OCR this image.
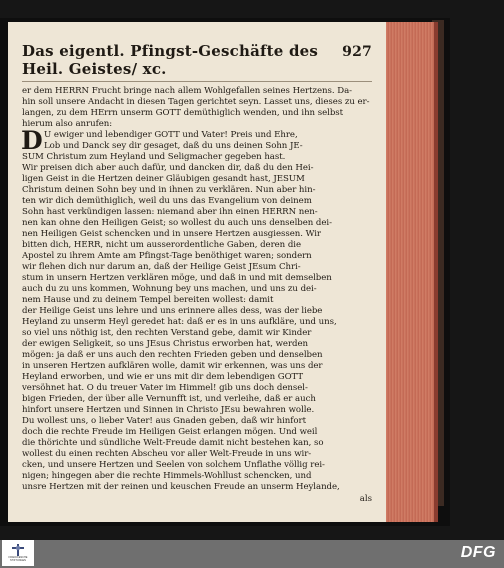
Das eigentl. Pfingst-Geschäfte des Heil. Geistes/ xc.
927
er dem HERRN Frucht bringe nach allem Wohlgefallen seines Hertzens. Da-
hin soll unsere Andacht in diesen Tagen gerichtet seyn. Lasset uns, dieses zu er-
langen, zu dem HErrn unserm GOTT demüthiglich wenden, und ihn selbst
hierum also anrufen:
D U ewiger und lebendiger GOTT und Vater! Preis und Ehre,
Lob und Danck sey dir gesaget, daß du uns deinen Sohn JE-
SUM Christum zum Heyland und Seligmacher gegeben hast.
Wir preisen dich aber auch dafür, und dancken dir, daß du den Hei-
ligen Geist in die Hertzen deiner Gläubigen gesandt hast, JESUM
Christum deinen Sohn bey und in ihnen zu verklären. Nun aber hin-
ten wir dich demüthiglich, weil du uns das Evangelium von deinem
Sohn hast verkündigen lassen: niemand aber ihn einen HERRN nen-
nen kan ohne den Heiligen Geist; so wollest du auch uns denselben dei-
nen Heiligen Geist schencken und in unsere Hertzen ausgiessen. Wir
bitten dich, HERR, nicht um ausserordentliche Gaben, deren die
Apostel zu ihrem Amte am Pfingst-Tage benöthiget waren; sondern
wir flehen dich nur darum an, daß der Heilige Geist JEsum Chri-
stum in unsern Hertzen verklären möge, und daß in und mit demselben
auch du zu uns kommen, Wohnung bey uns machen, und uns zu dei-
nem Hause und zu deinem Tempel bereiten wollest: damit
der Heilige Geist uns lehre und uns erinnere alles dess, was der liebe
Heyland zu unserm Heyl geredet hat: daß er es in uns aufkläre, und uns,
so viel uns nöthig ist, den rechten Verstand gebe, damit wir Kinder
der ewigen Seligkeit, so uns JEsus Christus erworben hat, werden
mögen: ja daß er uns auch den rechten Frieden geben und denselben
in unseren Hertzen aufklären wolle, damit wir erkennen, was uns der
Heyland erworben, und wie er uns mit dir dem lebendigen GOTT
versöhnet hat. O du treuer Vater im Himmel! gib uns doch densel-
bigen Frieden, der über alle Vernunfft ist, und verleihe, daß er auch
hinfort unsere Hertzen und Sinnen in Christo JEsu bewahren wolle.
Du wollest uns, o lieber Vater! aus Gnaden geben, daß wir hinfort
doch die rechte Freude im Heiligen Geist erlangen mögen. Und weil
die thörichte und sündliche Welt-Freude damit nicht bestehen kan, so
wollest du einen rechten Abscheu vor aller Welt-Freude in uns wir-
cken, und unsere Hertzen und Seelen von solchem Unflathe völlig rei-
nigen; hingegen aber die rechte Himmels-Wohllust schencken, und
unsre Hertzen mit der reinen und keuschen Freude an unserm Heylande,
als
FRANCKESCHE STIFTUNGEN	DFG
